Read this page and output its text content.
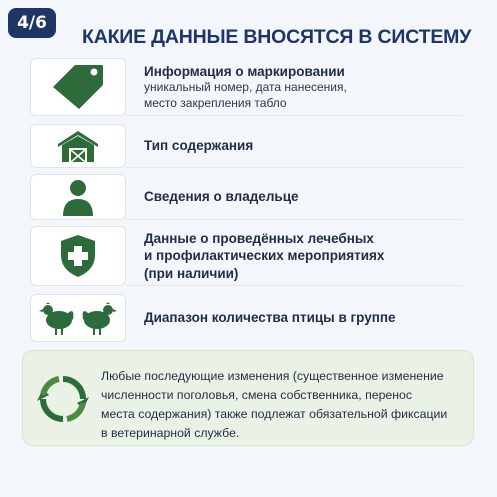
4/6
КАКИЕ ДАННЫЕ ВНОСЯТСЯ В СИСТЕМУ
Информация о маркировании
уникальный номер, дата нанесения,
место закрепления табло
Тип содержания
Сведения о владельце
Данные о проведённых лечебных
и профилактических мероприятиях
(при наличии)
Диапазон количества птицы в группе
Любые последующие изменения (существенное изменение
численности поголовья, смена собственника, перенос
места содержания) также подлежат обязательной фиксации
в ветеринарной службе.
